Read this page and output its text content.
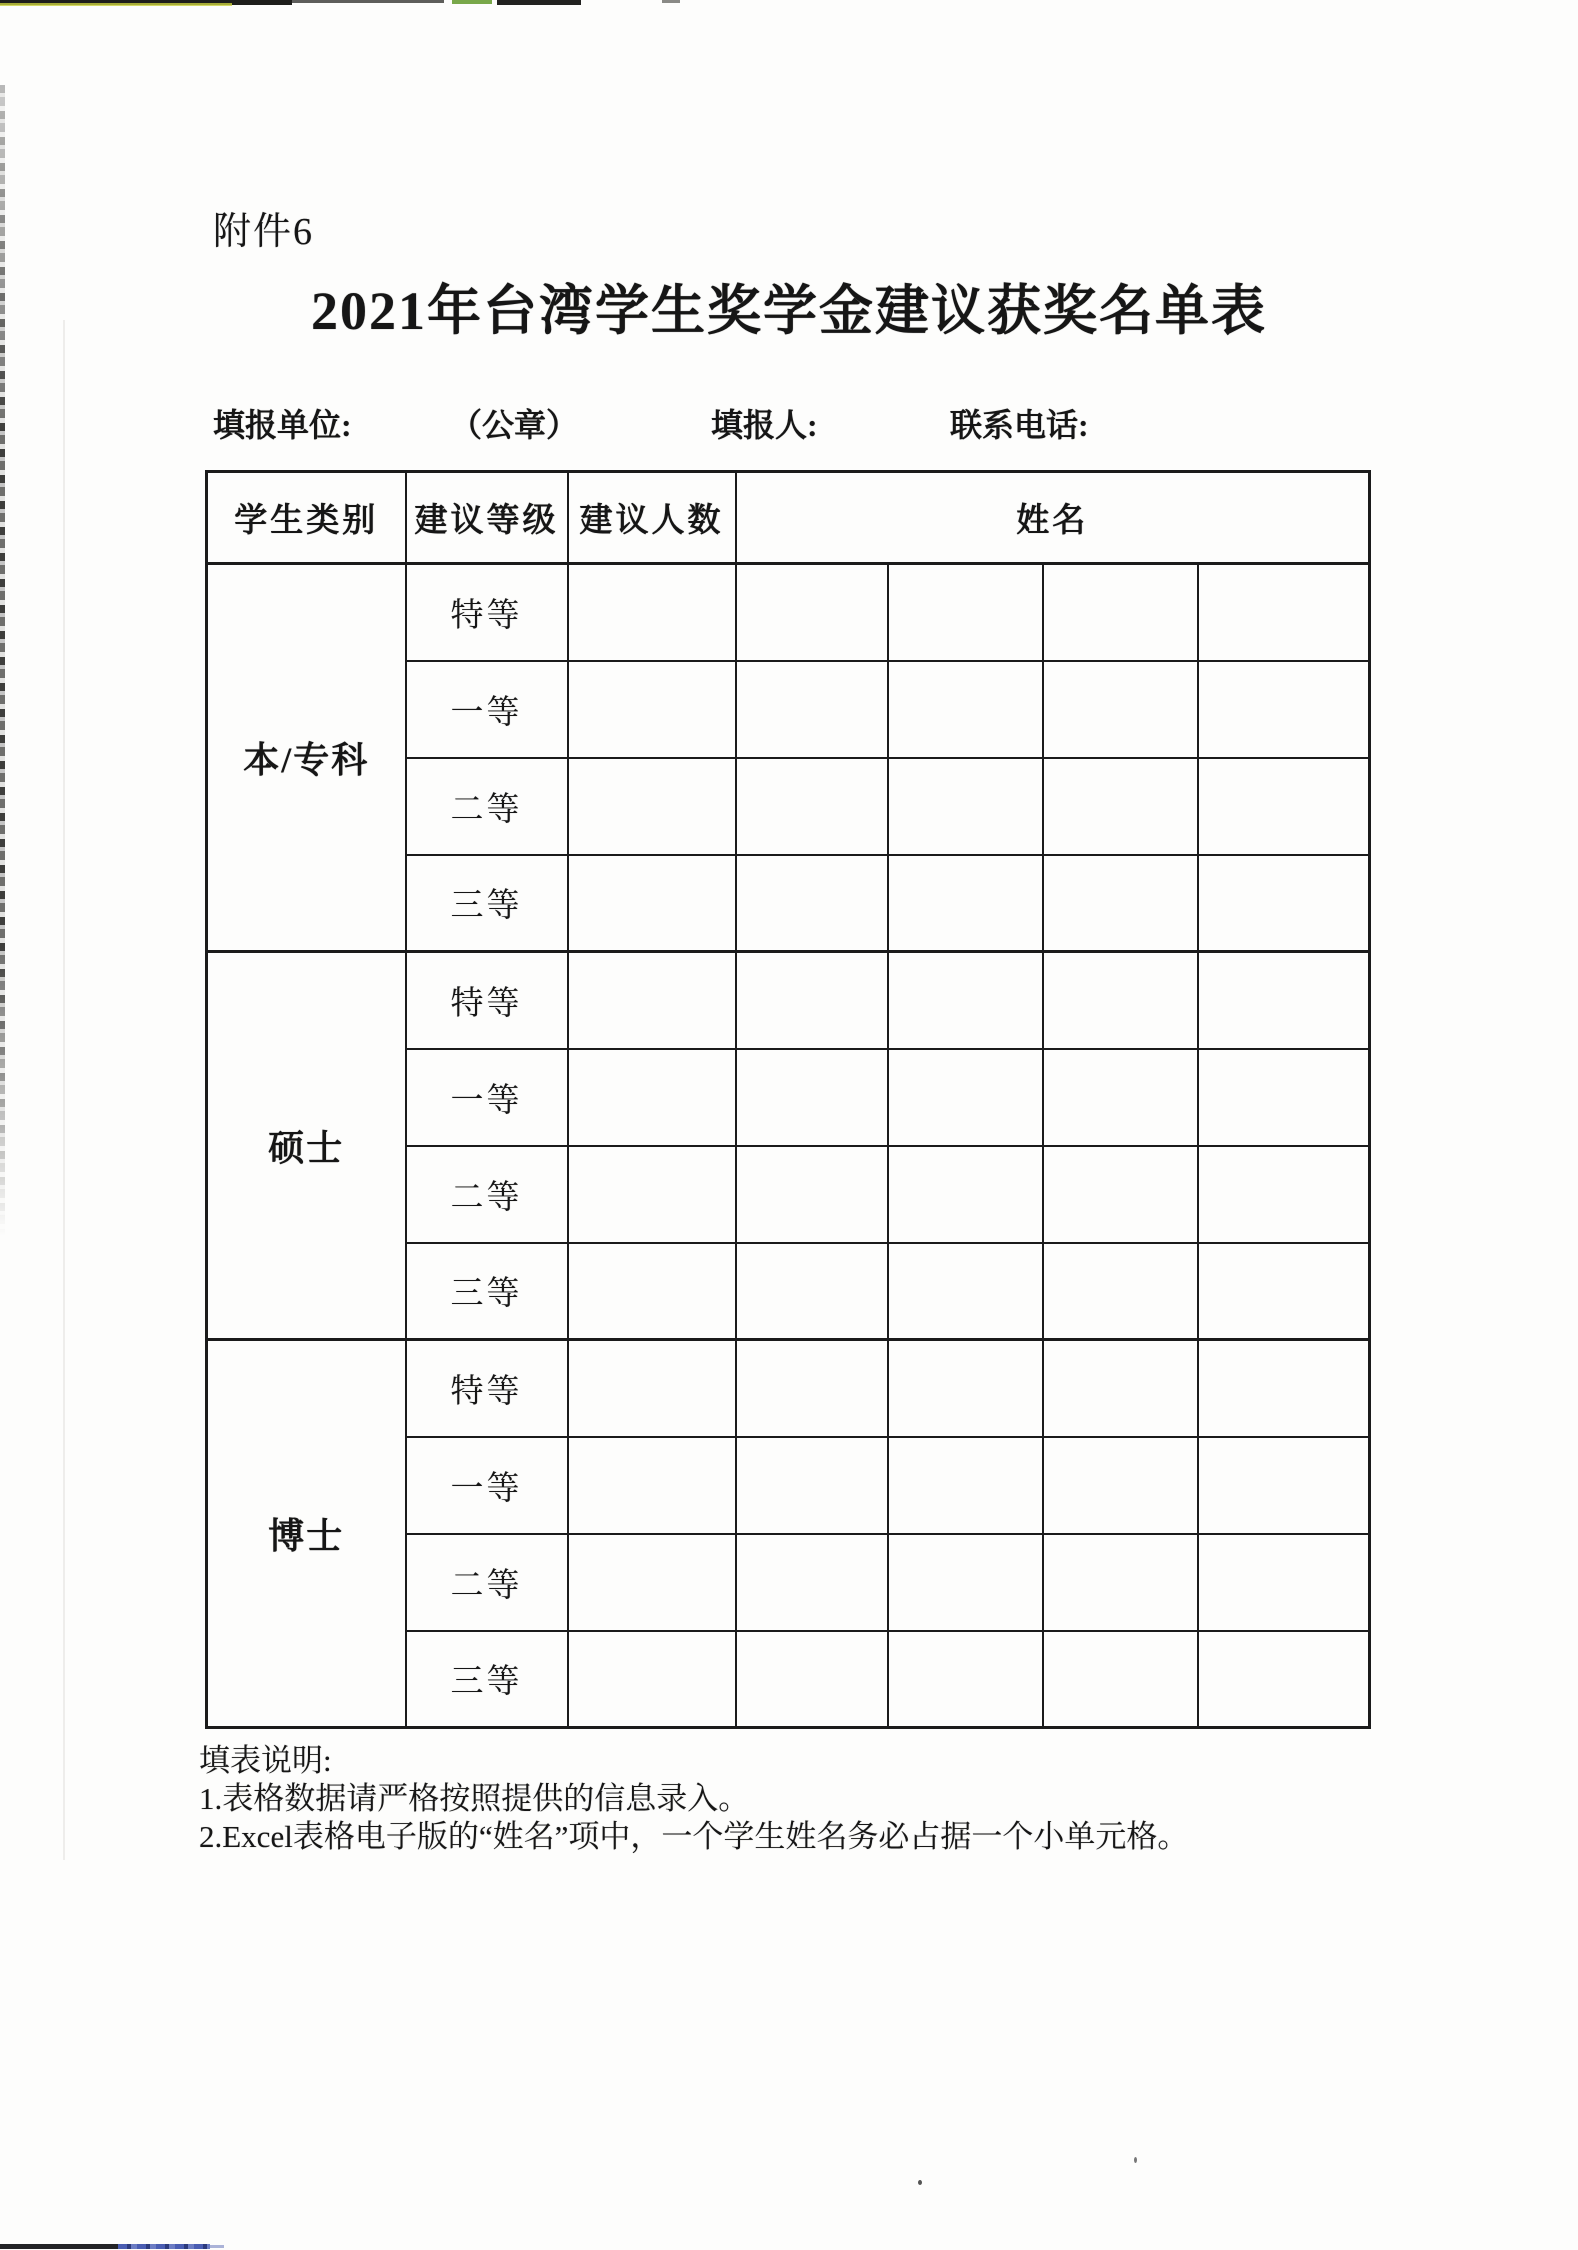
附件6
2021年台湾学生奖学金建议获奖名单表
填报单位:	（公章）	填报人:	联系电话:
学生类别	建议等级	建议人数	姓名			
本/专科	特等					
	一等					
	二等					
	三等					
硕士	特等					
	一等					
	二等					
	三等					
博士	特等					
	一等					
	二等					
	三等					
填表说明:
1.表格数据请严格按照提供的信息录入。
2.Excel表格电子版的“姓名”项中，一个学生姓名务必占据一个小单元格。
